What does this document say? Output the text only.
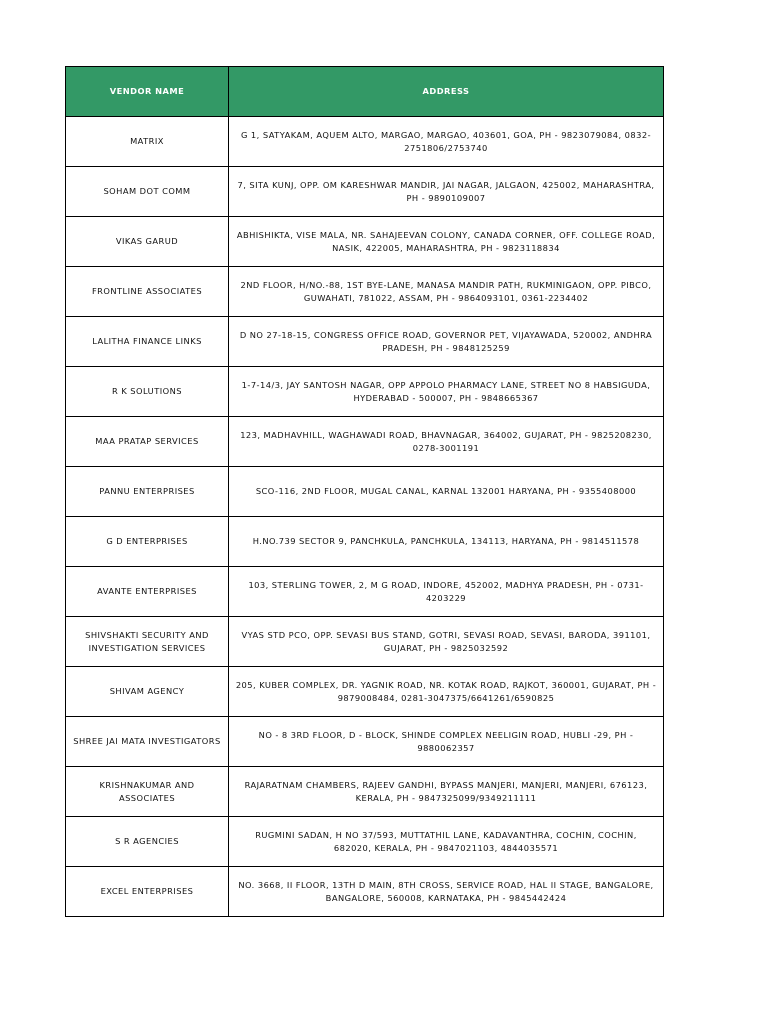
VENDOR NAME	ADDRESS
MATRIX	G 1, SATYAKAM, AQUEM ALTO, MARGAO, MARGAO, 403601, GOA, PH - 9823079084, 0832-2751806/2753740
SOHAM DOT COMM	7, SITA KUNJ, OPP. OM KARESHWAR MANDIR, JAI NAGAR, JALGAON, 425002, MAHARASHTRA, PH - 9890109007
VIKAS GARUD	ABHISHIKTA, VISE MALA, NR. SAHAJEEVAN COLONY, CANADA CORNER, OFF. COLLEGE ROAD, NASIK, 422005, MAHARASHTRA, PH - 9823118834
FRONTLINE ASSOCIATES	2ND FLOOR, H/NO.-88, 1ST BYE-LANE, MANASA MANDIR PATH, RUKMINIGAON, OPP. PIBCO, GUWAHATI, 781022, ASSAM, PH - 9864093101, 0361-2234402
LALITHA FINANCE LINKS	D NO 27-18-15, CONGRESS OFFICE ROAD, GOVERNOR PET, VIJAYAWADA, 520002, ANDHRA PRADESH, PH - 9848125259
R K SOLUTIONS	1-7-14/3, JAY SANTOSH NAGAR, OPP APPOLO PHARMACY LANE, STREET NO 8 HABSIGUDA, HYDERABAD - 500007, PH - 9848665367
MAA PRATAP SERVICES	123, MADHAVHILL, WAGHAWADI ROAD, BHAVNAGAR, 364002, GUJARAT, PH - 9825208230, 0278-3001191
PANNU ENTERPRISES	SCO-116, 2ND FLOOR, MUGAL CANAL, KARNAL 132001 HARYANA, PH - 9355408000
G D ENTERPRISES	H.NO.739 SECTOR 9, PANCHKULA, PANCHKULA, 134113, HARYANA, PH - 9814511578
AVANTE ENTERPRISES	103, STERLING TOWER, 2, M G ROAD, INDORE, 452002, MADHYA PRADESH, PH - 0731-4203229
SHIVSHAKTI SECURITY AND INVESTIGATION SERVICES	VYAS STD PCO, OPP. SEVASI BUS STAND, GOTRI, SEVASI ROAD, SEVASI, BARODA, 391101, GUJARAT, PH - 9825032592
SHIVAM AGENCY	205, KUBER COMPLEX, DR. YAGNIK ROAD, NR. KOTAK ROAD, RAJKOT, 360001, GUJARAT, PH - 9879008484, 0281-3047375/6641261/6590825
SHREE JAI MATA INVESTIGATORS	NO - 8 3RD FLOOR, D - BLOCK, SHINDE COMPLEX NEELIGIN ROAD, HUBLI -29, PH - 9880062357
KRISHNAKUMAR AND ASSOCIATES	RAJARATNAM CHAMBERS, RAJEEV GANDHI, BYPASS MANJERI, MANJERI, MANJERI, 676123, KERALA, PH - 9847325099/9349211111
S R AGENCIES	RUGMINI SADAN, H NO 37/593, MUTTATHIL LANE, KADAVANTHRA, COCHIN, COCHIN, 682020, KERALA, PH - 9847021103, 4844035571
EXCEL ENTERPRISES	NO. 3668, II FLOOR, 13TH D MAIN, 8TH CROSS, SERVICE ROAD, HAL II STAGE, BANGALORE, BANGALORE, 560008, KARNATAKA, PH - 9845442424
